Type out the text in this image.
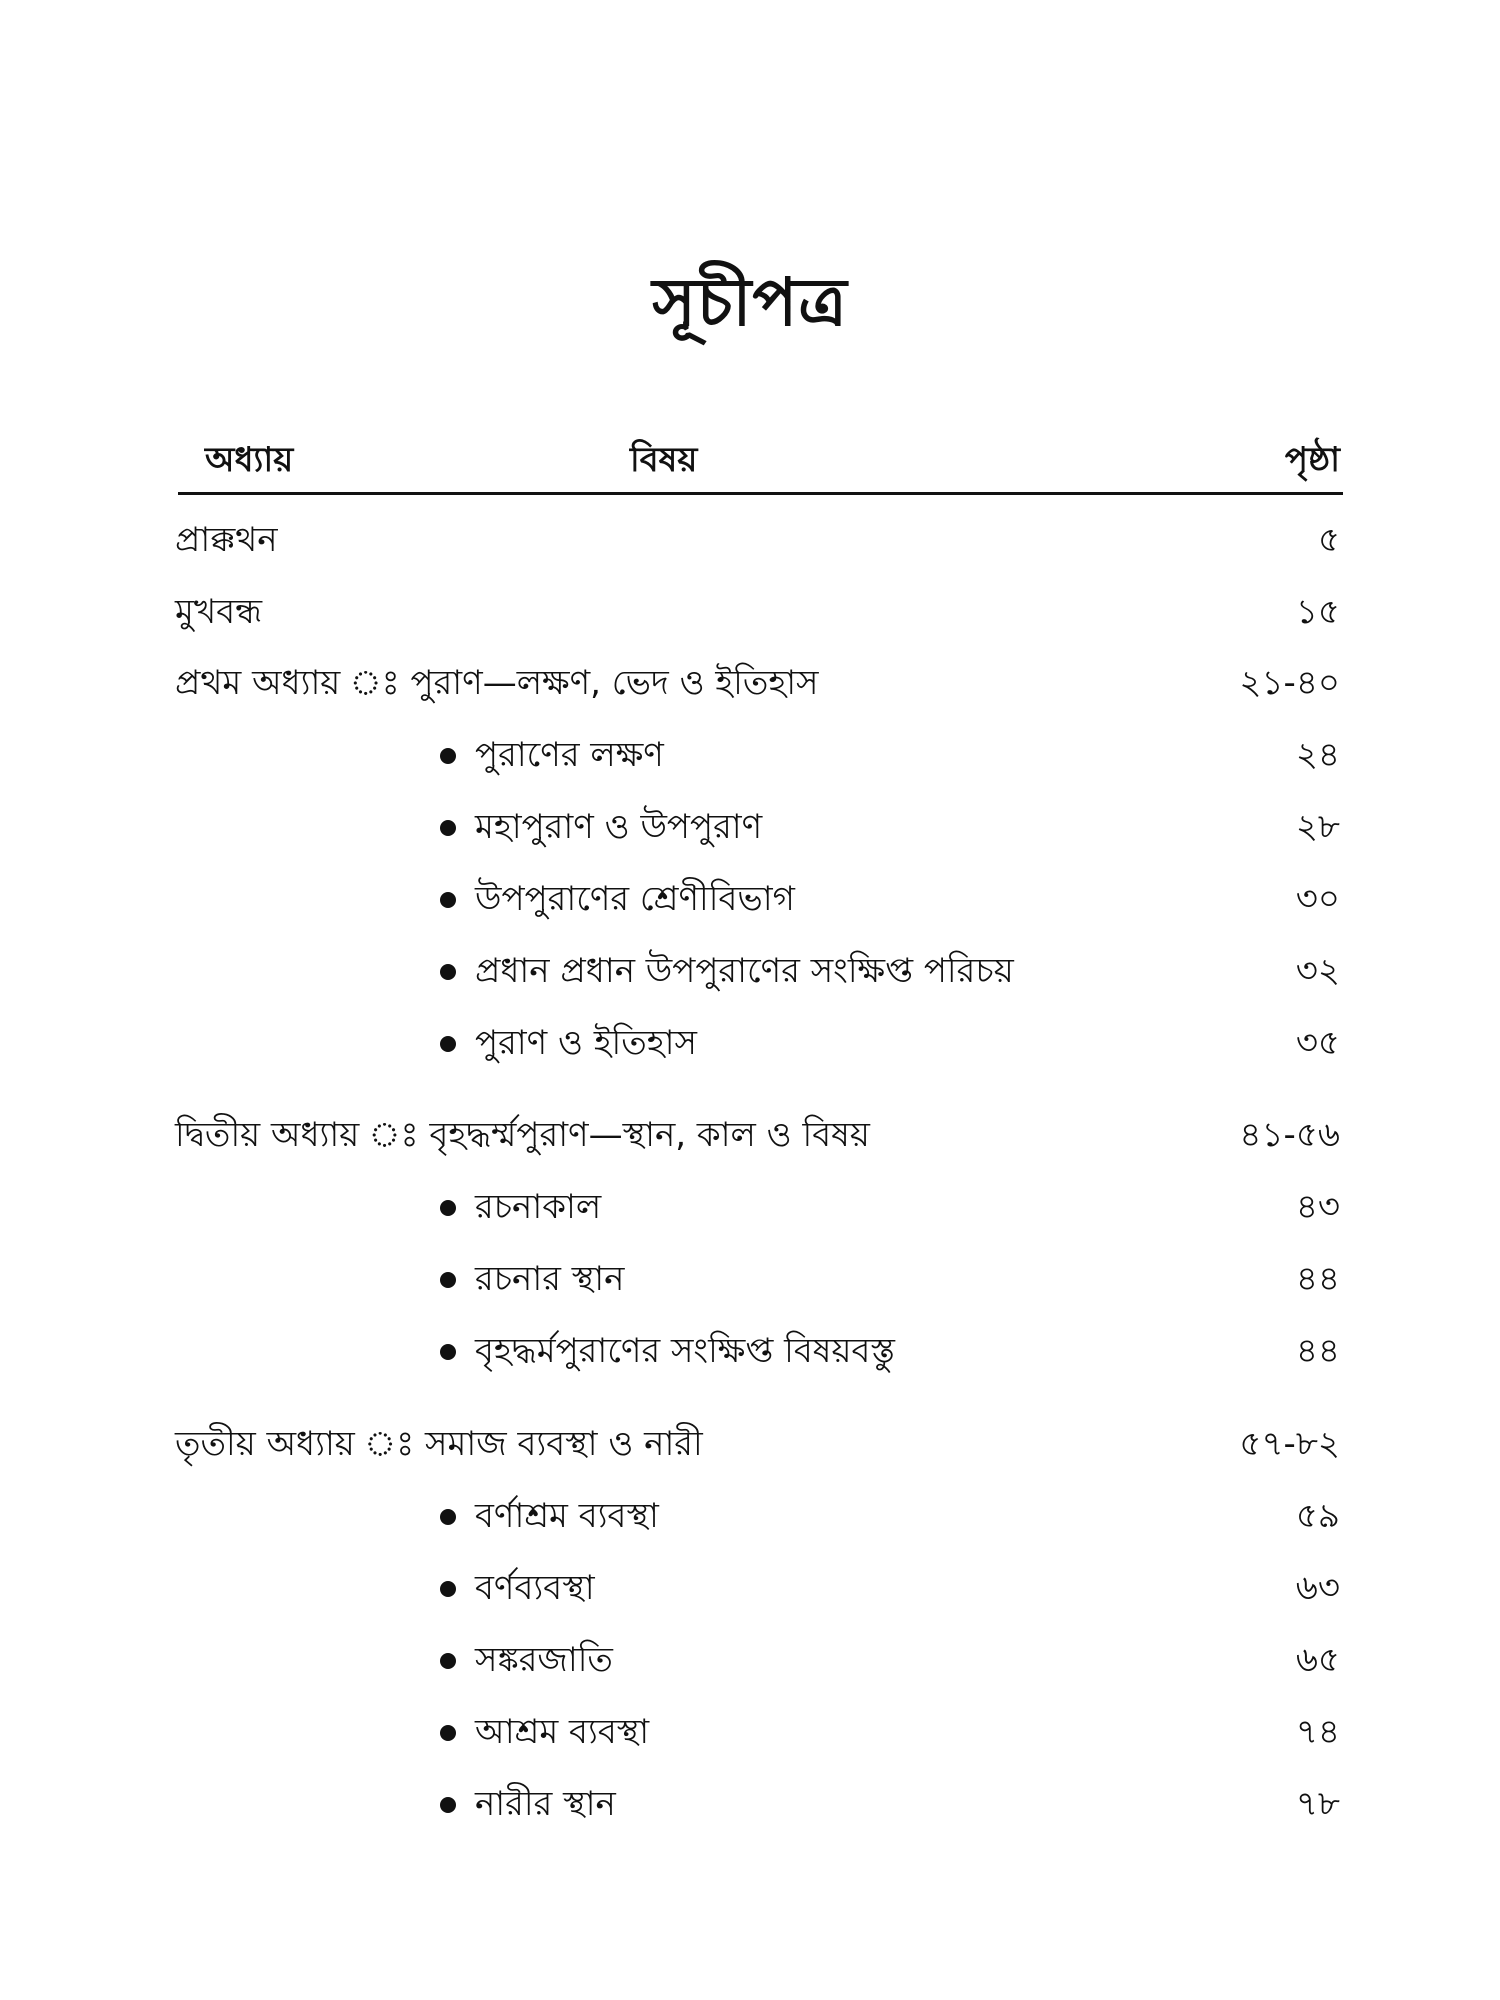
সূচীপত্র
অধ্যায়	বিষয়	পৃষ্ঠা
প্রাক্কথন	৫
মুখবন্ধ	১৫
প্রথম অধ্যায় ঃ পুরাণ—লক্ষণ, ভেদ ও ইতিহাস	২১-৪০
পুরাণের লক্ষণ	২৪
মহাপুরাণ ও উপপুরাণ	২৮
উপপুরাণের শ্রেণীবিভাগ	৩০
প্রধান প্রধান উপপুরাণের সংক্ষিপ্ত পরিচয়	৩২
পুরাণ ও ইতিহাস	৩৫
দ্বিতীয় অধ্যায় ঃ বৃহদ্ধর্ম্মপুরাণ—স্থান, কাল ও বিষয়	৪১-৫৬
রচনাকাল	৪৩
রচনার স্থান	৪৪
বৃহদ্ধর্মপুরাণের সংক্ষিপ্ত বিষয়বস্তু	৪৪
তৃতীয় অধ্যায় ঃ সমাজ ব্যবস্থা ও নারী	৫৭-৮২
বর্ণাশ্রম ব্যবস্থা	৫৯
বর্ণব্যবস্থা	৬৩
সঙ্করজাতি	৬৫
আশ্রম ব্যবস্থা	৭৪
নারীর স্থান	৭৮
